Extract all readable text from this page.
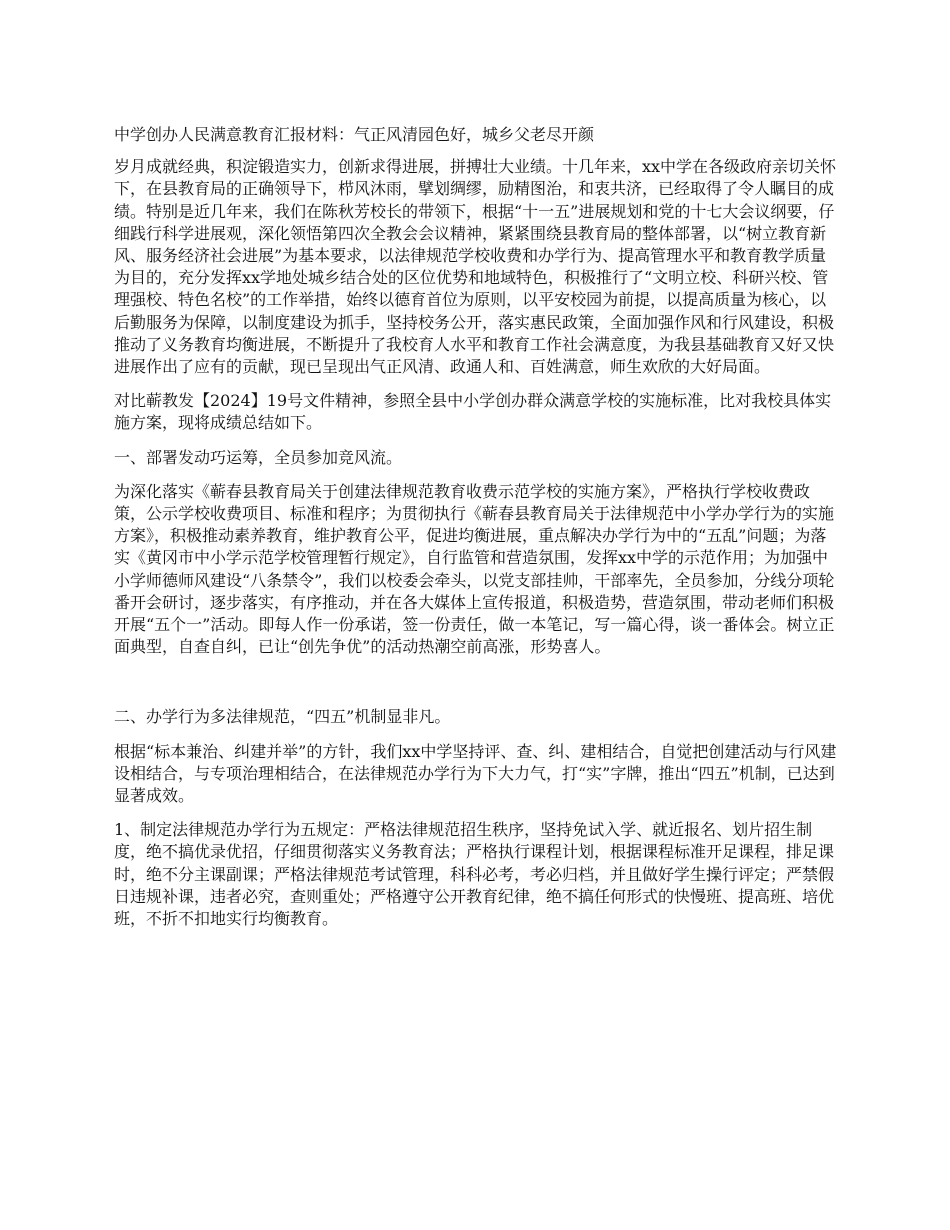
中学创办人民满意教育汇报材料：气正风清园色好，城乡父老尽开颜

岁月成就经典，积淀锻造实力，创新求得进展，拼搏壮大业绩。十几年来，xx中学在各级政府亲切关怀下，在县教育局的正确领导下，栉风沐雨，擘划绸缪，励精图治，和衷共济，已经取得了令人瞩目的成绩。特别是近几年来，我们在陈秋芳校长的带领下，根据“十一五”进展规划和党的十七大会议纲要，仔细践行科学进展观，深化领悟第四次全教会会议精神，紧紧围绕县教育局的整体部署，以“树立教育新风、服务经济社会进展”为基本要求，以法律规范学校收费和办学行为、提高管理水平和教育教学质量为目的，充分发挥xx学地处城乡结合处的区位优势和地域特色，积极推行了“文明立校、科研兴校、管理强校、特色名校”的工作举措，始终以德育首位为原则，以平安校园为前提，以提高质量为核心，以后勤服务为保障，以制度建设为抓手，坚持校务公开，落实惠民政策，全面加强作风和行风建设，积极推动了义务教育均衡进展，不断提升了我校育人水平和教育工作社会满意度，为我县基础教育又好又快进展作出了应有的贡献，现已呈现出气正风清、政通人和、百姓满意，师生欢欣的大好局面。

对比蕲教发【2024】19号文件精神，参照全县中小学创办群众满意学校的实施标准，比对我校具体实施方案，现将成绩总结如下。

一、部署发动巧运筹，全员参加竞风流。

为深化落实《蕲春县教育局关于创建法律规范教育收费示范学校的实施方案》，严格执行学校收费政策，公示学校收费项目、标准和程序；为贯彻执行《蕲春县教育局关于法律规范中小学办学行为的实施方案》，积极推动素养教育，维护教育公平，促进均衡进展，重点解决办学行为中的“五乱”问题；为落实《黄冈市中小学示范学校管理暂行规定》，自行监管和营造氛围，发挥xx中学的示范作用；为加强中小学师德师风建设“八条禁令”，我们以校委会牵头，以党支部挂帅，干部率先，全员参加，分线分项轮番开会研讨，逐步落实，有序推动，并在各大媒体上宣传报道，积极造势，营造氛围，带动老师们积极开展“五个一”活动。即每人作一份承诺，签一份责任，做一本笔记，写一篇心得，谈一番体会。树立正面典型，自查自纠，已让“创先争优”的活动热潮空前高涨，形势喜人。

二、办学行为多法律规范，“四五”机制显非凡。

根据“标本兼治、纠建并举”的方针，我们xx中学坚持评、查、纠、建相结合，自觉把创建活动与行风建设相结合，与专项治理相结合，在法律规范办学行为下大力气，打“实”字牌，推出“四五”机制，已达到显著成效。

1、制定法律规范办学行为五规定：严格法律规范招生秩序，坚持免试入学、就近报名、划片招生制度，绝不搞优录优招，仔细贯彻落实义务教育法；严格执行课程计划，根据课程标准开足课程，排足课时，绝不分主课副课；严格法律规范考试管理，科科必考，考必归档，并且做好学生操行评定；严禁假日违规补课，违者必究，查则重处；严格遵守公开教育纪律，绝不搞任何形式的快慢班、提高班、培优班，不折不扣地实行均衡教育。
